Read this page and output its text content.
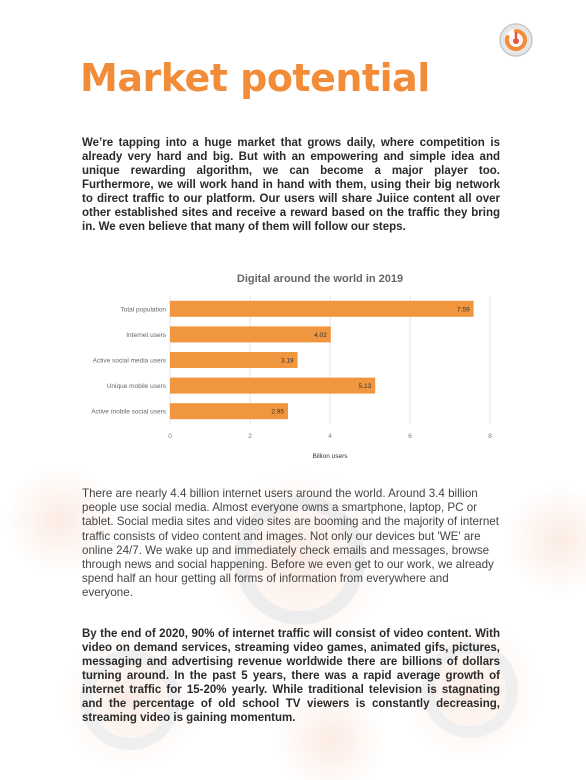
Market potential

We’re tapping into a huge market that grows daily, where competition is already very hard and big. But with an empowering and simple idea and unique rewarding algorithm, we can become a major player too. Furthermore, we will work hand in hand with them, using their big network to direct traffic to our platform. Our users will share Juiice content all over other established sites and receive a reward based on the traffic they bring in. We even believe that many of them will follow our steps.

Digital around the world in 2019
0	2	4	6	8
Total population	7.59
Internet users	4.02
Active social media users	3.19
Unique mobile users	5.13
Active mobile social users	2.95
Billion users

There are nearly 4.4 billion internet users around the world. Around 3.4 billion people use social media. Almost everyone owns a smartphone, laptop, PC or tablet. Social media sites and video sites are booming and the majority of internet traffic consists of video content and images. Not only our devices but 'WE' are online 24/7. We wake up and immediately check emails and messages, browse through news and social happening. Before we even get to our work, we already spend half an hour getting all forms of information from everywhere and everyone.

By the end of 2020, 90% of internet traffic will consist of video content. With video on demand services, streaming video games, animated gifs, pictures, messaging and advertising revenue worldwide there are billions of dollars turning around. In the past 5 years, there was a rapid average growth of internet traffic for 15-20% yearly. While traditional television is stagnating and the percentage of old school TV viewers is constantly decreasing, streaming video is gaining momentum.
